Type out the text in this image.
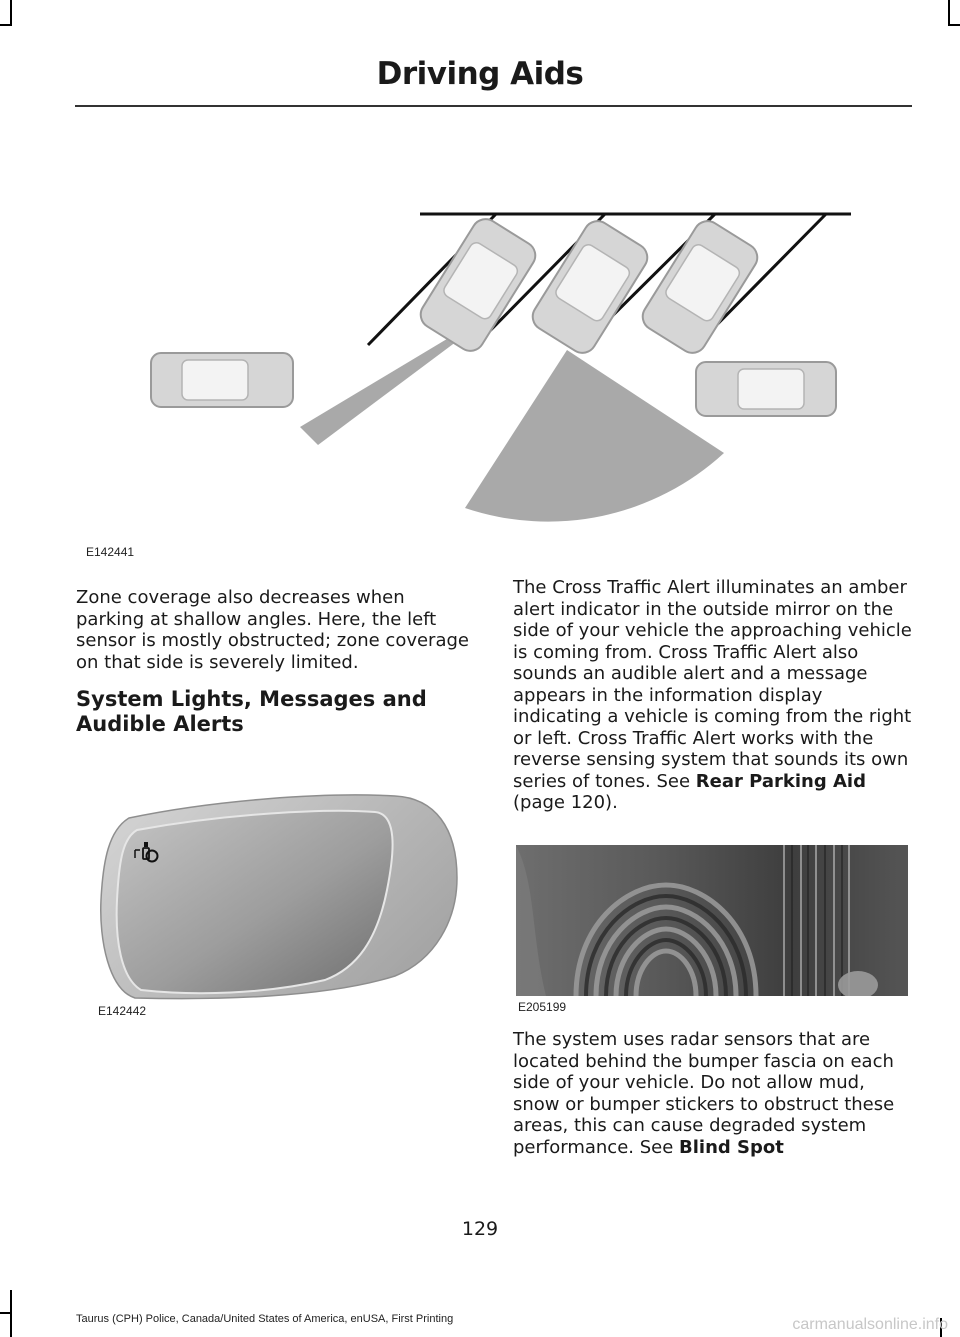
Driving Aids
E142441

Zone coverage also decreases when parking at shallow angles. Here, the left sensor is mostly obstructed; zone coverage on that side is severely limited.

System Lights, Messages and
Audible Alerts
E142442

The Cross Traffic Alert illuminates an amber alert indicator in the outside mirror on the side of your vehicle the approaching vehicle is coming from. Cross Traffic Alert also sounds an audible alert and a message appears in the information display indicating a vehicle is coming from the right or left. Cross Traffic Alert works with the reverse sensing system that sounds its own series of tones. See Rear Parking Aid (page 120).

E205199

The system uses radar sensors that are located behind the bumper fascia on each side of your vehicle. Do not allow mud, snow or bumper stickers to obstruct these areas, this can cause degraded system performance. See Blind Spot

129
Taurus (CPH) Police, Canada/United States of America, enUSA, First Printing	carmanualsonline.info
